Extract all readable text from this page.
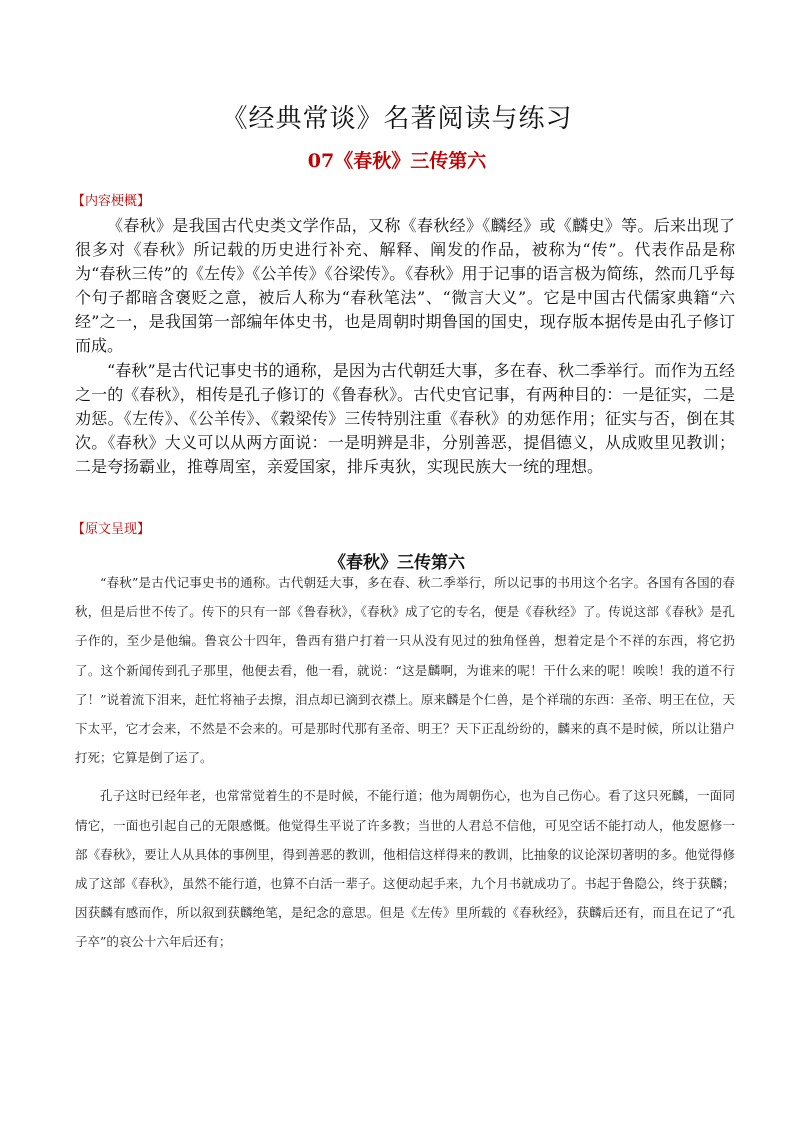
《经典常谈》名著阅读与练习
07《春秋》三传第六
【内容梗概】

《春秋》是我国古代史类文学作品，又称《春秋经》《麟经》或《麟史》等。后来出现了很多对《春秋》所记载的历史进行补充、解释、阐发的作品，被称为“传”。代表作品是称为“春秋三传”的《左传》《公羊传》《谷梁传》。《春秋》用于记事的语言极为简练，然而几乎每个句子都暗含褒贬之意，被后人称为“春秋笔法”、“微言大义”。它是中国古代儒家典籍“六经”之一，是我国第一部编年体史书，也是周朝时期鲁国的国史，现存版本据传是由孔子修订而成。

“春秋”是古代记事史书的通称，是因为古代朝廷大事，多在春、秋二季举行。而作为五经之一的《春秋》，相传是孔子修订的《鲁春秋》。古代史官记事，有两种目的：一是征实，二是劝惩。《左传》、《公羊传》、《穀梁传》三传特别注重《春秋》的劝惩作用；征实与否，倒在其次。《春秋》大义可以从两方面说：一是明辨是非，分别善恶，提倡德义，从成败里见教训；二是夸扬霸业，推尊周室，亲爱国家，排斥夷狄，实现民族大一统的理想。

【原文呈现】
《春秋》三传第六

“春秋”是古代记事史书的通称。古代朝廷大事，多在春、秋二季举行，所以记事的书用这个名字。各国有各国的春秋，但是后世不传了。传下的只有一部《鲁春秋》，《春秋》成了它的专名，便是《春秋经》了。传说这部《春秋》是孔子作的，至少是他编。鲁哀公十四年，鲁西有猎户打着一只从没有见过的独角怪兽，想着定是个不祥的东西，将它扔了。这个新闻传到孔子那里，他便去看，他一看，就说：“这是麟啊，为谁来的呢！干什么来的呢！唉唉！我的道不行了！”说着流下泪来，赶忙将袖子去擦，泪点却已滴到衣襟上。原来麟是个仁兽，是个祥瑞的东西：圣帝、明王在位，天下太平，它才会来，不然是不会来的。可是那时代那有圣帝、明王？天下正乱纷纷的，麟来的真不是时候，所以让猎户打死；它算是倒了运了。

孔子这时已经年老，也常常觉着生的不是时候，不能行道；他为周朝伤心，也为自己伤心。看了这只死麟，一面同情它，一面也引起自己的无限感慨。他觉得生平说了许多教；当世的人君总不信他，可见空话不能打动人，他发愿修一部《春秋》，要让人从具体的事例里，得到善恶的教训，他相信这样得来的教训，比抽象的议论深切著明的多。他觉得修成了这部《春秋》，虽然不能行道，也算不白活一辈子。这便动起手来，九个月书就成功了。书起于鲁隐公，终于获麟；因获麟有感而作，所以叙到获麟绝笔，是纪念的意思。但是《左传》里所载的《春秋经》，获麟后还有，而且在记了“孔子卒”的哀公十六年后还有；
